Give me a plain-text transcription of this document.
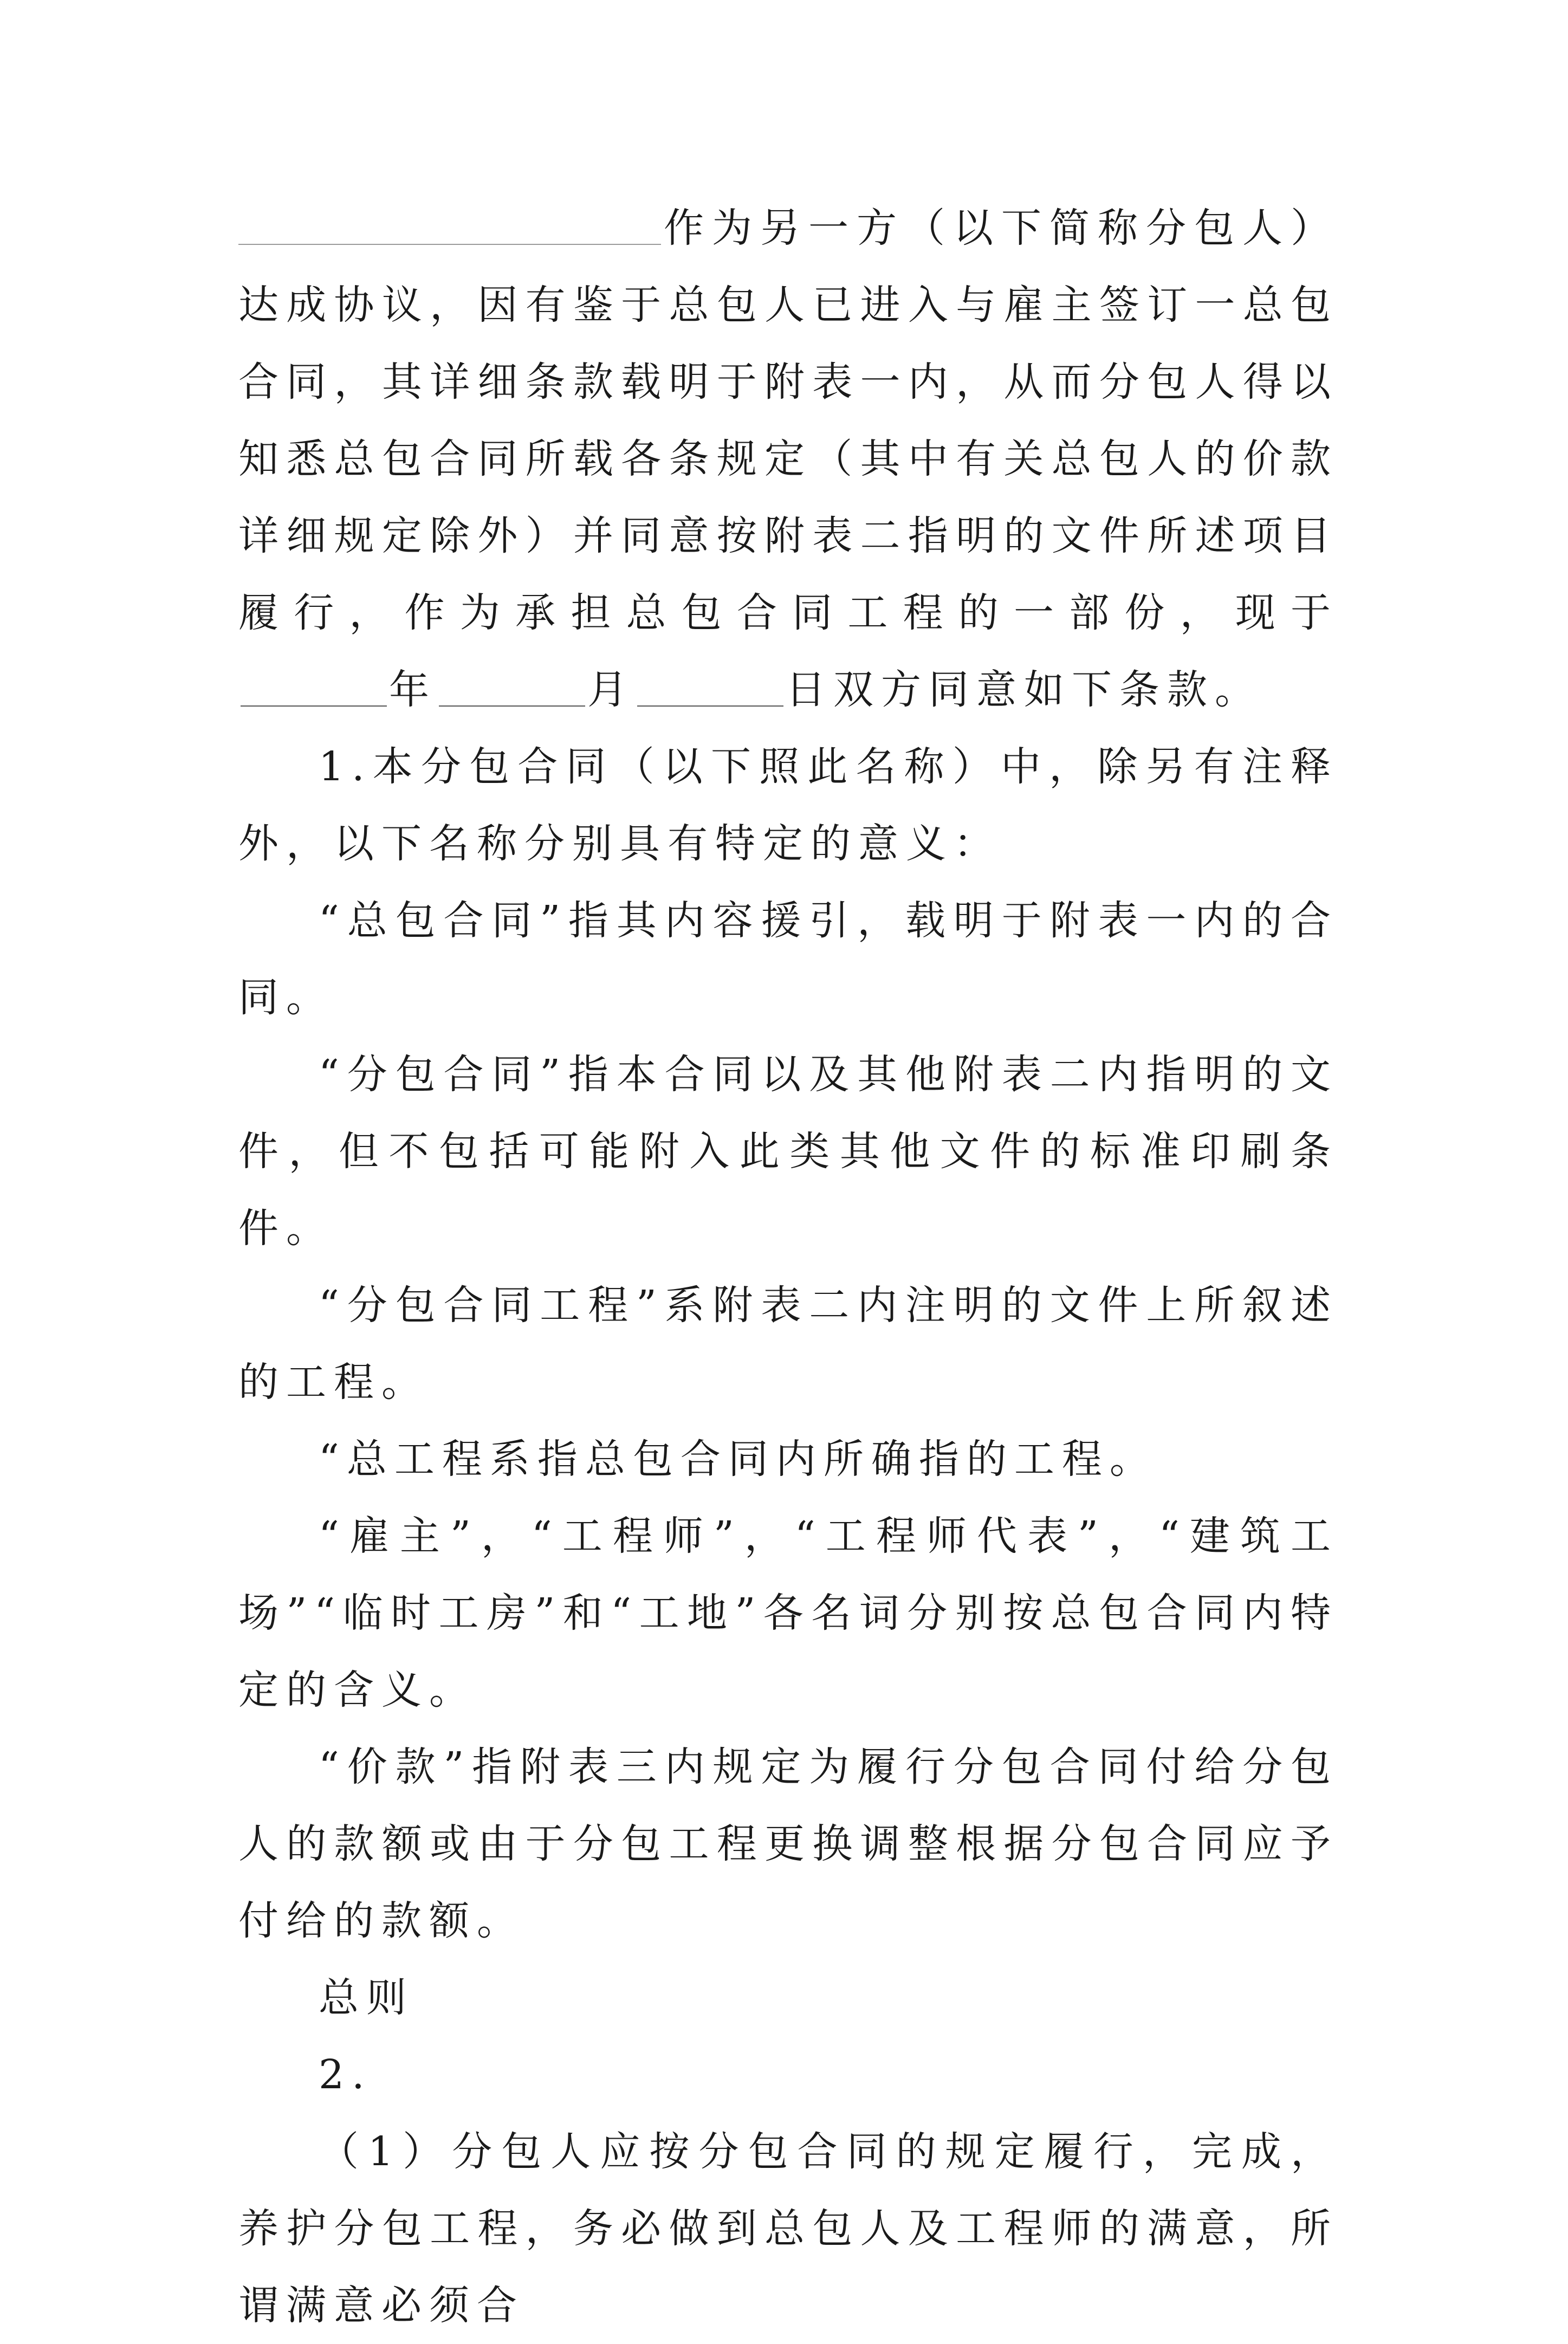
作为另一方（以下简称分包人）达成协议，因有鉴于总包人已进入与雇主签订一总包合同，其详细条款载明于附表一内，从而分包人得以知悉总包合同所载各条规定（其中有关总包人的价款详细规定除外）并同意按附表二指明的文件所述项目履行，作为承担总包合同工程的一部份，现于年	月	日双方同意如下条款。

1.本分包合同（以下照此名称）中，除另有注释外，以下名称分别具有特定的意义：

“总包合同”指其内容援引，载明于附表一内的合同。

“分包合同”指本合同以及其他附表二内指明的文件，但不包括可能附入此类其他文件的标准印刷条件。

“分包合同工程”系附表二内注明的文件上所叙述的工程。

“总工程系指总包合同内所确指的工程。

“雇主”，“工程师”，“工程师代表”，“建筑工场”“临时工房”和“工地”各名词分别按总包合同内特定的含义。

“价款”指附表三内规定为履行分包合同付给分包人的款额或由于分包工程更换调整根据分包合同应予付给的款额。

总则

2.

（1）分包人应按分包合同的规定履行，完成，养护分包工程，务必做到总包人及工程师的满意，所谓满意必须合
